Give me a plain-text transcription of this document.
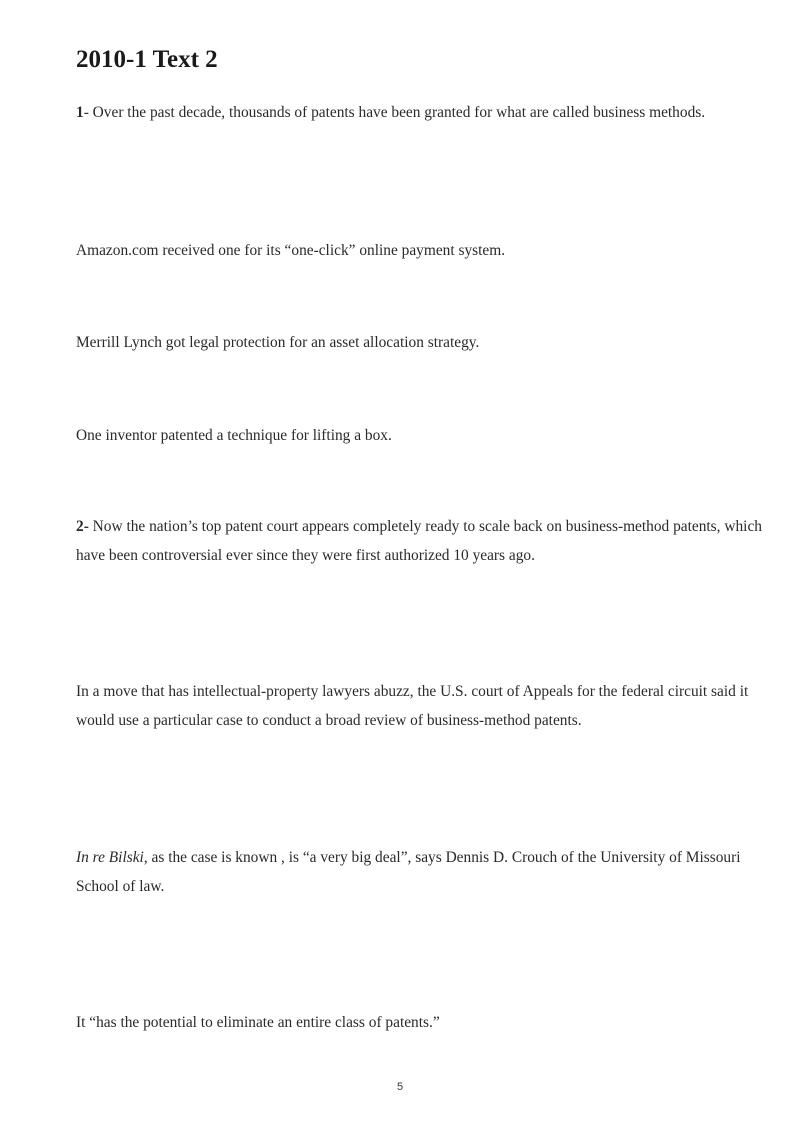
2010-1 Text 2

1- Over the past decade, thousands of patents have been granted for what are called business methods.

Amazon.com received one for its “one-click” online payment system.

Merrill Lynch got legal protection for an asset allocation strategy.

One inventor patented a technique for lifting a box.

2- Now the nation’s top patent court appears completely ready to scale back on business-method patents, which have been controversial ever since they were first authorized 10 years ago.

In a move that has intellectual-property lawyers abuzz, the U.S. court of Appeals for the federal circuit said it would use a particular case to conduct a broad review of business-method patents.

In re Bilski, as the case is known , is “a very big deal”, says Dennis D. Crouch of the University of Missouri School of law.

It “has the potential to eliminate an entire class of patents.”

5
